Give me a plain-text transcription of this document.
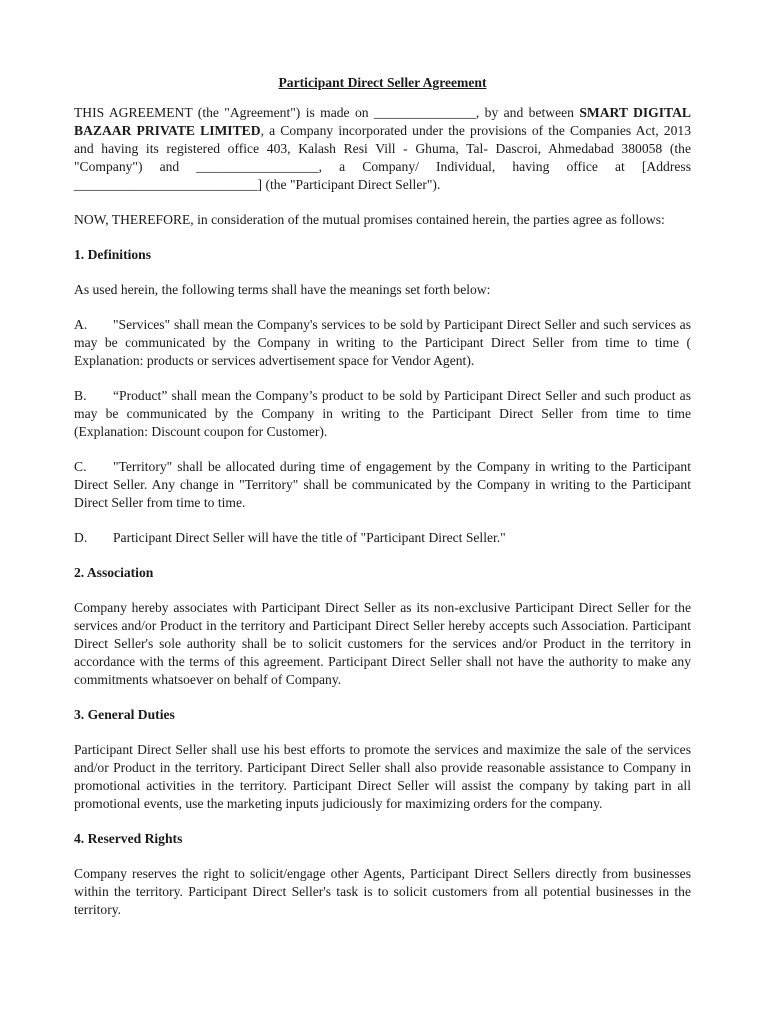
Participant Direct Seller Agreement

THIS AGREEMENT (the "Agreement") is made on _______________, by and between SMART DIGITAL BAZAAR PRIVATE LIMITED, a Company incorporated under the provisions of the Companies Act, 2013 and having its registered office 403, Kalash Resi Vill - Ghuma, Tal- Dascroi, Ahmedabad 380058 (the "Company") and __________________, a Company/ Individual, having office at [Address ___________________________] (the "Participant Direct Seller").

NOW, THEREFORE, in consideration of the mutual promises contained herein, the parties agree as follows:

1. Definitions

As used herein, the following terms shall have the meanings set forth below:

A. "Services" shall mean the Company's services to be sold by Participant Direct Seller and such services as may be communicated by the Company in writing to the Participant Direct Seller from time to time ( Explanation: products or services advertisement space for Vendor Agent).
B. “Product” shall mean the Company’s product to be sold by Participant Direct Seller and such product as may be communicated by the Company in writing to the Participant Direct Seller from time to time (Explanation: Discount coupon for Customer).
C. "Territory" shall be allocated during time of engagement by the Company in writing to the Participant Direct Seller. Any change in "Territory" shall be communicated by the Company in writing to the Participant Direct Seller from time to time.
D. Participant Direct Seller will have the title of "Participant Direct Seller."
2. Association

Company hereby associates with Participant Direct Seller as its non-exclusive Participant Direct Seller for the services and/or Product in the territory and Participant Direct Seller hereby accepts such Association. Participant Direct Seller's sole authority shall be to solicit customers for the services and/or Product in the territory in accordance with the terms of this agreement. Participant Direct Seller shall not have the authority to make any commitments whatsoever on behalf of Company.

3. General Duties

Participant Direct Seller shall use his best efforts to promote the services and maximize the sale of the services and/or Product in the territory. Participant Direct Seller shall also provide reasonable assistance to Company in promotional activities in the territory. Participant Direct Seller will assist the company by taking part in all promotional events, use the marketing inputs judiciously for maximizing orders for the company.

4. Reserved Rights

Company reserves the right to solicit/engage other Agents, Participant Direct Sellers directly from businesses within the territory. Participant Direct Seller's task is to solicit customers from all potential businesses in the territory.
